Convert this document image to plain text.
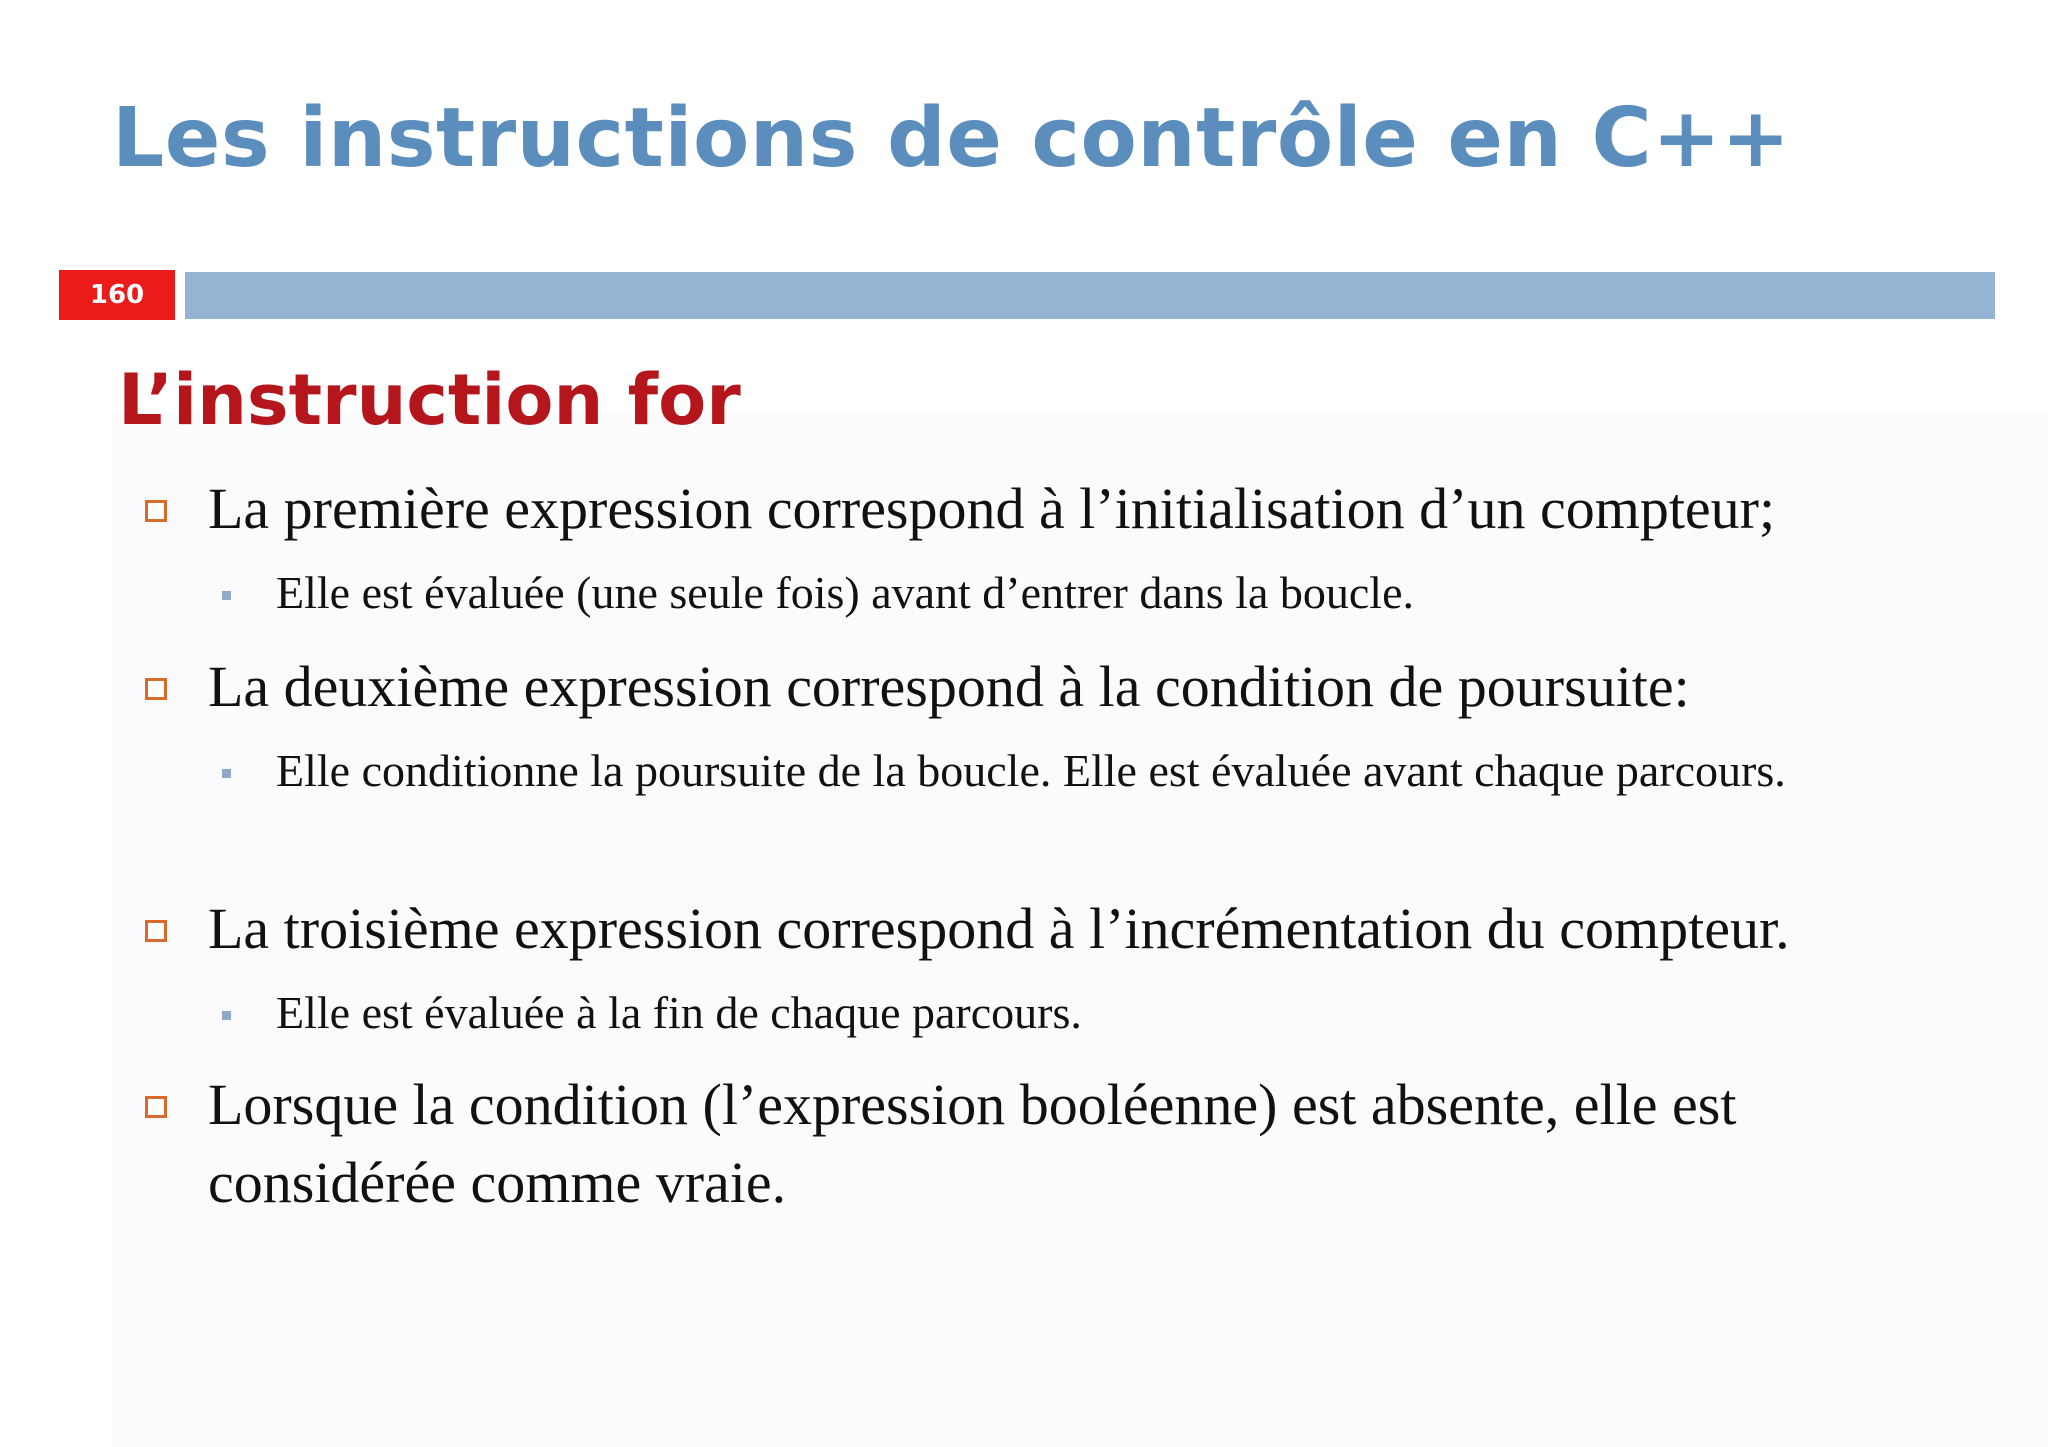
Les instructions de contrôle en C++
160
L’instruction for

La première expression correspond à l’initialisation d’un compteur;

Elle est évaluée (une seule fois) avant d’entrer dans la boucle.

La deuxième expression correspond à la condition de poursuite:

Elle conditionne la poursuite de la boucle. Elle est évaluée avant chaque parcours.

La troisième expression correspond à l’incrémentation du compteur.

Elle est évaluée à la fin de chaque parcours.

Lorsque la condition (l’expression booléenne) est absente, elle est considérée comme vraie.
